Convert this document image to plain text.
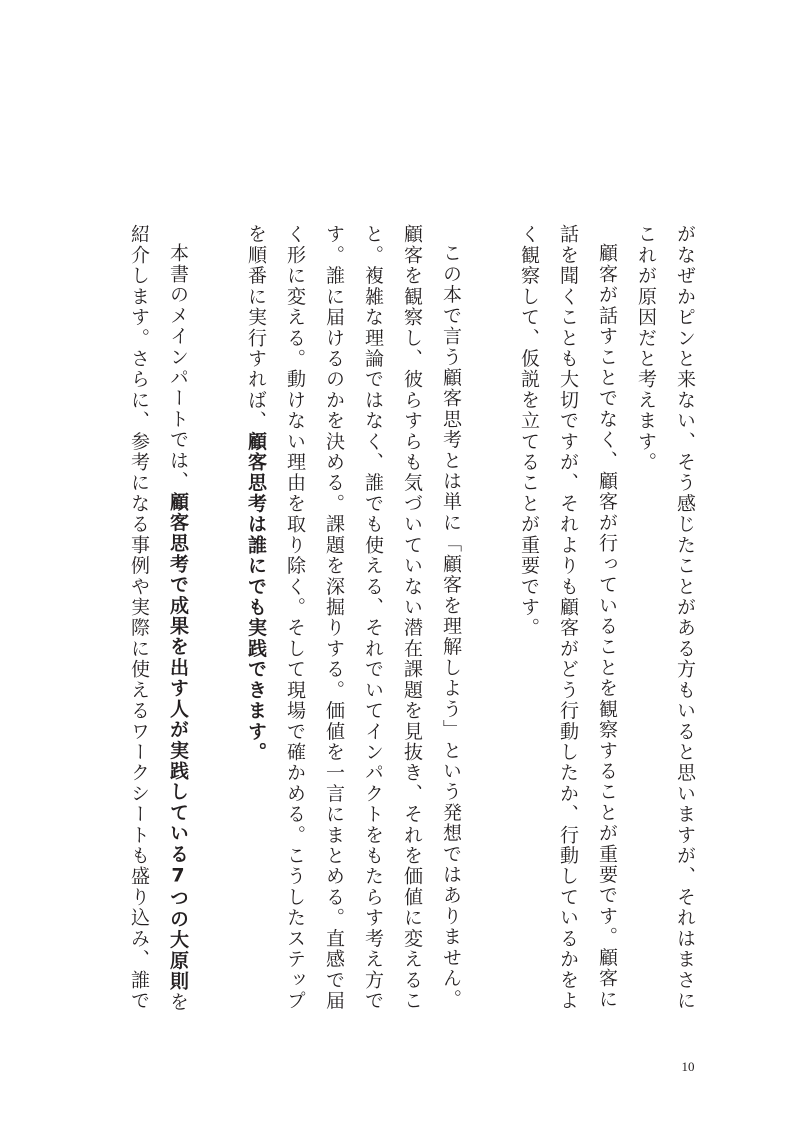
がなぜかピンと来ない、そう感じたことがある方もいると思いますが、それはまさに
これが原因だと考えます。
顧客が話すことでなく、顧客が行っていることを観察することが重要です。顧客に
話を聞くことも大切ですが、それよりも顧客がどう行動したか、行動しているかをよ
く観察して、仮説を立てることが重要です。
この本で言う顧客思考とは単に「顧客を理解しよう」という発想ではありません。
顧客を観察し、彼らすらも気づいていない潜在課題を見抜き、それを価値に変えるこ
と。複雑な理論ではなく、誰でも使える、それでいてインパクトをもたらす考え方で
す。誰に届けるのかを決める。課題を深掘りする。価値を一言にまとめる。直感で届
く形に変える。動けない理由を取り除く。そして現場で確かめる。こうしたステップ
を順番に実行すれば、顧客思考は誰にでも実践できます。
本書のメインパートでは、顧客思考で成果を出す人が実践している7つの大原則を
紹介します。さらに、参考になる事例や実際に使えるワークシートも盛り込み、誰で
10
